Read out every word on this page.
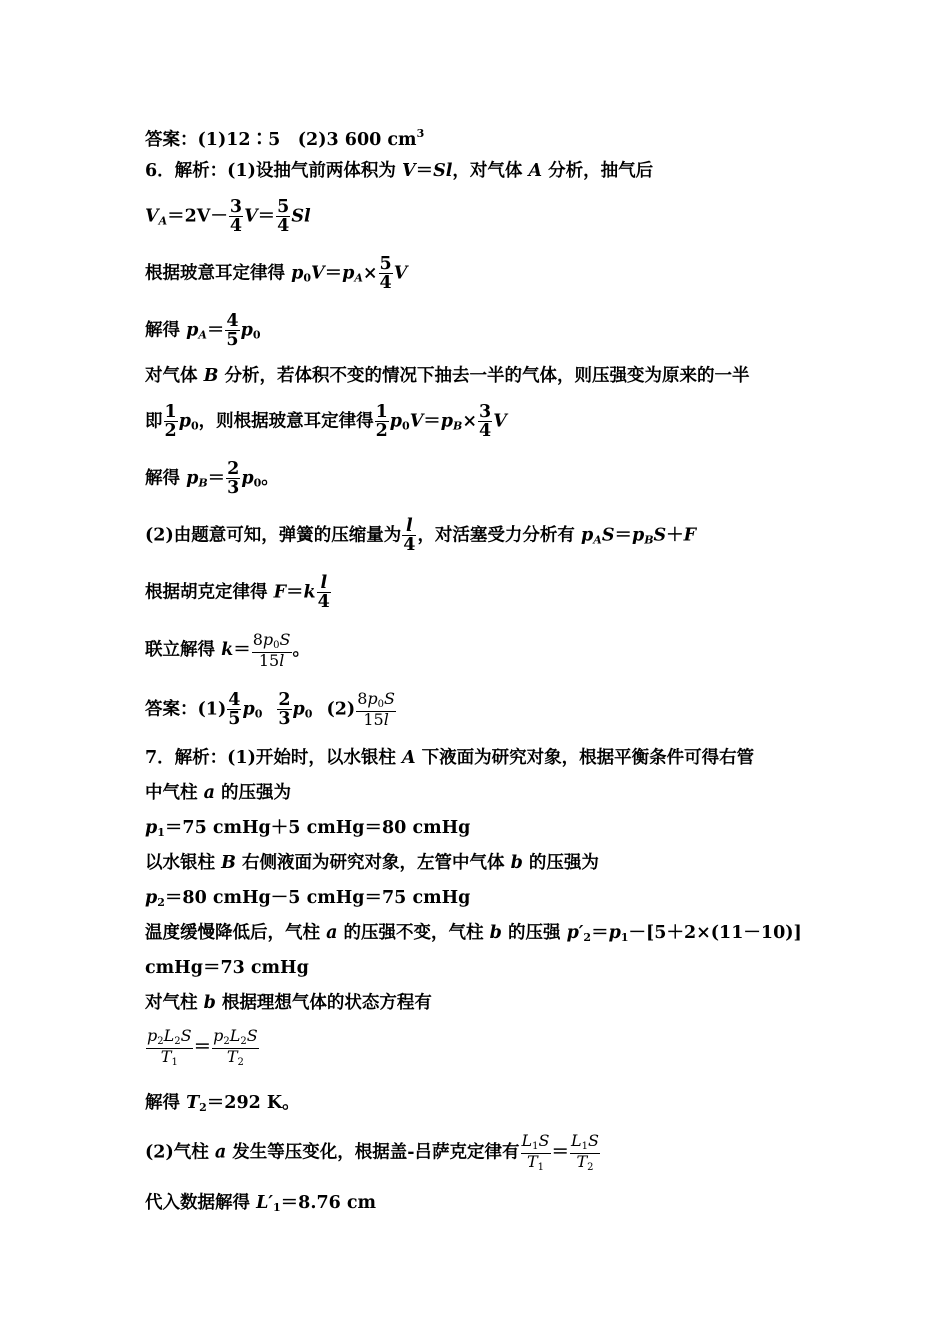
答案：(1)12∶5　(2)3 600 $cm^3$
6．解析：(1)设抽气前两体积为 V＝Sl，对气体 A 分析，抽气后
$V_A=2V- \frac{3}{4} V= \frac{5}{4}$ Sl
根据玻意耳定律得 $p_0V=p_A\times \frac{5}{4}$ V
解得 $p_A= \frac{4}{5} p_0$
对气体 B 分析，若体积不变的情况下抽去一半的气体，则压强变为原来的一半
即 $\frac{1}{2} p_0$，则根据玻意耳定律得 $\frac{1}{2} p_0V=p_B\times \frac{3}{4}$ V
解得 $p_B= \frac{2}{3} p_0$。
(2)由题意可知，弹簧的压缩量为 $\frac{l}{4}$ ，对活塞受力分析有 $p_AS=p_BS+F$
根据胡克定律得 $F=k \frac{l}{4}$
联立解得 $k= \frac{8p_0S}{15l}$ 。
答案：$(1) \frac{4}{5} p_0 \frac{2}{3} p_0$ $(2) \frac{8p_0S}{15l}$
7．解析：(1)开始时，以水银柱 A 下液面为研究对象，根据平衡条件可得右管
中气柱 a 的压强为
$p_1=75$ cmHg＋5 cmHg＝80 cmHg
以水银柱 B 右侧液面为研究对象，左管中气体 b 的压强为
$p_2=80$ cmHg－5 cmHg＝75 cmHg
温度缓慢降低后，气柱 a 的压强不变，气柱 b 的压强 $p'_2=p_1-[5+2\times(11-10)]$
cmHg＝73 cmHg
对气柱 b 根据理想气体的状态方程有
$\frac{p_2L_2S}{T_1} = \frac{p_2L_2S}{T_2}$
解得 $T_2=292$ K。
(2)气柱 a 发生等压变化，根据盖-吕萨克定律有 $\frac{L_1S}{T_1} = \frac{L_1S}{T_2}$
代入数据解得 $L'_1=8.76$ cm
